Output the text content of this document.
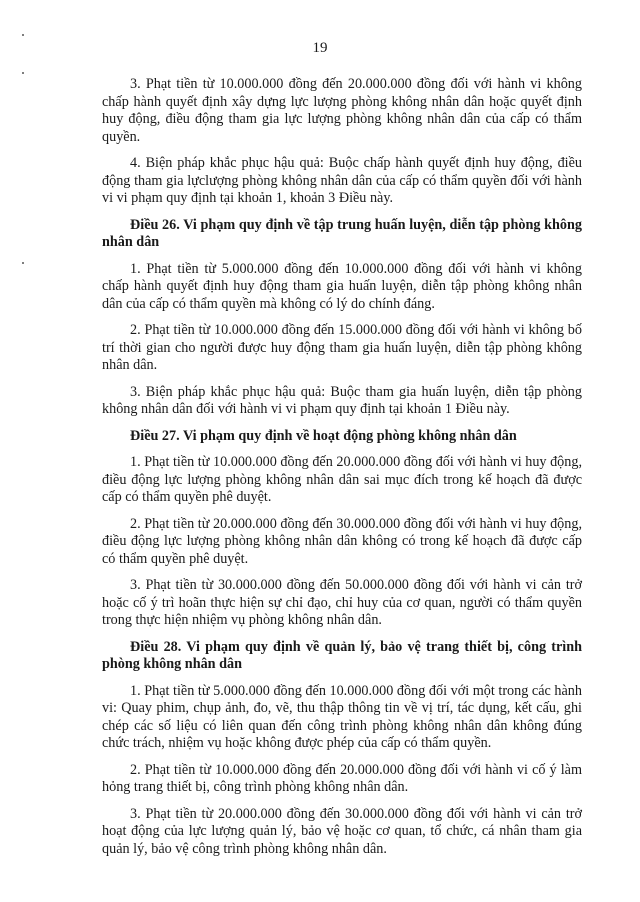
19

3. Phạt tiền từ 10.000.000 đồng đến 20.000.000 đồng đối với hành vi không chấp hành quyết định xây dựng lực lượng phòng không nhân dân hoặc quyết định huy động, điều động tham gia lực lượng phòng không nhân dân của cấp có thẩm quyền.

4. Biện pháp khắc phục hậu quả: Buộc chấp hành quyết định huy động, điều động tham gia lựclượng phòng không nhân dân của cấp có thẩm quyền đối với hành vi vi phạm quy định tại khoản 1, khoản 3 Điều này.

Điều 26. Vi phạm quy định về tập trung huấn luyện, diễn tập phòng không nhân dân

1. Phạt tiền từ 5.000.000 đồng đến 10.000.000 đồng đối với hành vi không chấp hành quyết định huy động tham gia huấn luyện, diễn tập phòng không nhân dân của cấp có thẩm quyền mà không có lý do chính đáng.

2. Phạt tiền từ 10.000.000 đồng đến 15.000.000 đồng đối với hành vi không bố trí thời gian cho người được huy động tham gia huấn luyện, diễn tập phòng không nhân dân.

3. Biện pháp khắc phục hậu quả: Buộc tham gia huấn luyện, diễn tập phòng không nhân dân đối với hành vi vi phạm quy định tại khoản 1 Điều này.

Điều 27. Vi phạm quy định về hoạt động phòng không nhân dân

1. Phạt tiền từ 10.000.000 đồng đến 20.000.000 đồng đối với hành vi huy động, điều động lực lượng phòng không nhân dân sai mục đích trong kế hoạch đã được cấp có thẩm quyền phê duyệt.

2. Phạt tiền từ 20.000.000 đồng đến 30.000.000 đồng đối với hành vi huy động, điều động lực lượng phòng không nhân dân không có trong kế hoạch đã được cấp có thẩm quyền phê duyệt.

3. Phạt tiền từ 30.000.000 đồng đến 50.000.000 đồng đối với hành vi cản trở hoặc cố ý trì hoãn thực hiện sự chỉ đạo, chỉ huy của cơ quan, người có thẩm quyền trong thực hiện nhiệm vụ phòng không nhân dân.

Điều 28. Vi phạm quy định về quản lý, bảo vệ trang thiết bị, công trình phòng không nhân dân

1. Phạt tiền từ 5.000.000 đồng đến 10.000.000 đồng đối với một trong các hành vi: Quay phim, chụp ảnh, đo, vẽ, thu thập thông tin về vị trí, tác dụng, kết cấu, ghi chép các số liệu có liên quan đến công trình phòng không nhân dân không đúng chức trách, nhiệm vụ hoặc không được phép của cấp có thẩm quyền.

2. Phạt tiền từ 10.000.000 đồng đến 20.000.000 đồng đối với hành vi cố ý làm hỏng trang thiết bị, công trình phòng không nhân dân.

3. Phạt tiền từ 20.000.000 đồng đến 30.000.000 đồng đối với hành vi cản trở hoạt động của lực lượng quản lý, bảo vệ hoặc cơ quan, tổ chức, cá nhân tham gia quản lý, bảo vệ công trình phòng không nhân dân.
